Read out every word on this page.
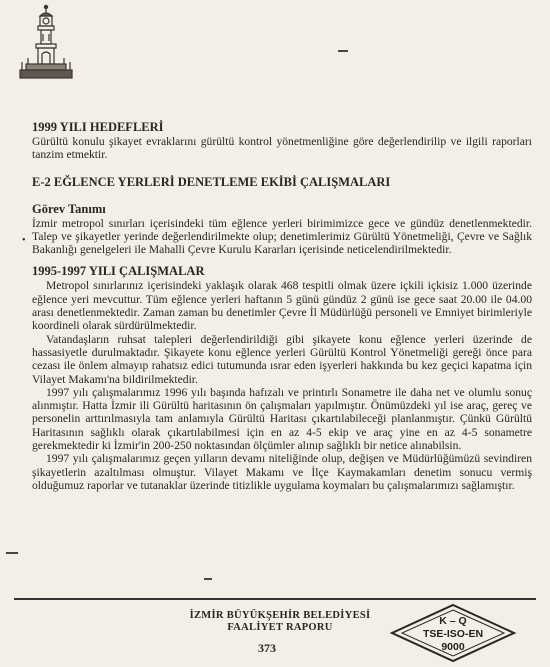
•
1999 YILI HEDEFLERİ
Gürültü konulu şikayet evraklarını gürültü kontrol yönetmenliğine göre değerlendirilip ve ilgili raporları tanzim etmektir.
E-2 EĞLENCE YERLERİ DENETLEME EKİBİ ÇALIŞMALARI
Görev Tanımı
İzmir metropol sınırları içerisindeki tüm eğlence yerleri birimimizce gece ve gündüz denetlenmektedir. Talep ve şikayetler yerinde değerlendirilmekte olup; denetimlerimiz Gürültü Yönetmeliği, Çevre ve Sağlık Bakanlığı genelgeleri ile Mahalli Çevre Kurulu Kararları içerisinde neticelendirilmektedir.
1995-1997 YILI ÇALIŞMALAR
Metropol sınırlarınız içerisindeki yaklaşık olarak 468 tespitli olmak üzere içkili içkisiz 1.000 üzerinde eğlence yeri mevcuttur. Tüm eğlence yerleri haftanın 5 günü gündüz 2 günü ise gece saat 20.00 ile 04.00 arası denetlenmektedir. Zaman zaman bu denetimler Çevre İl Müdürlüğü personeli ve Emniyet birimleriyle koordineli olarak sürdürülmektedir.
Vatandaşların ruhsat talepleri değerlendirildiği gibi şikayete konu eğlence yerleri üzerinde de hassasiyetle durulmaktadır. Şikayete konu eğlence yerleri Gürültü Kontrol Yönetmeliği gereği önce para cezası ile önlem almayıp rahatsız edici tutumunda ısrar eden işyerleri hakkında bu kez geçici kapatma için Vilayet Makamı'na bildirilmektedir.
1997 yılı çalışmalarımız 1996 yılı başında hafızalı ve printırlı Sonametre ile daha net ve olumlu sonuç alınmıştır. Hatta İzmir ili Gürültü haritasının ön çalışmaları yapılmıştır. Önümüzdeki yıl ise araç, gereç ve personelin arttırılmasıyla tam anlamıyla Gürültü Haritası çıkartılabileceği planlanmıştır. Çünkü Gürültü Haritasının sağlıklı olarak çıkartılabilmesi için en az 4-5 ekip ve araç yine en az 4-5 sonametre gerekmektedir ki İzmir'in 200-250 noktasından ölçümler alınıp sağlıklı bir netice alınabilsin.
1997 yılı çalışmalarımız geçen yılların devamı niteliğinde olup, değişen ve Müdürlüğümüzü sevindiren şikayetlerin azaltılması olmuştur. Vilayet Makamı ve İlçe Kaymakamları denetim sonucu vermiş olduğumuz raporlar ve tutanaklar üzerinde titizlikle uygulama koymaları bu çalışmalarımızı sağlamıştır.
İZMİR BÜYÜKŞEHİR BELEDİYESİ
FAALİYET RAPORU
373
K – Q
TSE-ISO-EN
9000
